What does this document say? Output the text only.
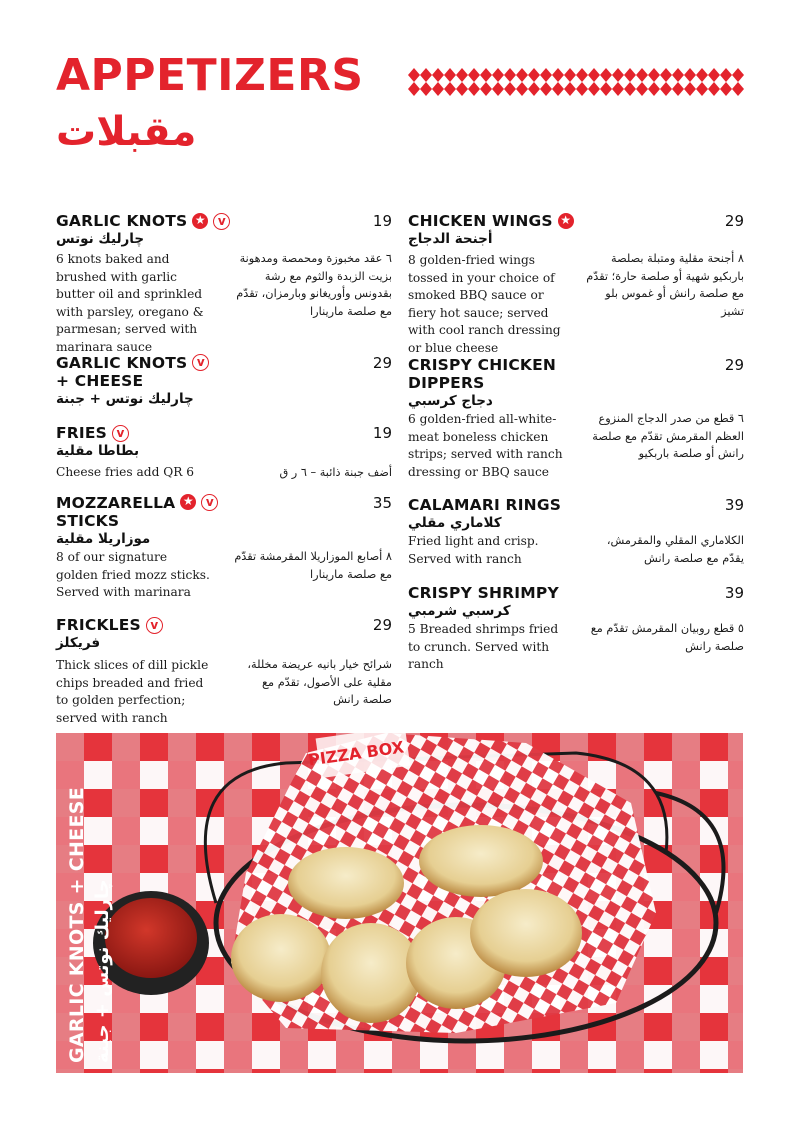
APPETIZERS
مقبلات
GARLIC KNOTS
★
v
چارليك نوتس
19
6 knots baked and brushed with garlic butter oil and sprinkled with parsley, oregano & parmesan; served with marinara sauce
٦ عقد مخبوزة ومحمصة ومدهونة بزيت الزبدة والثوم مع رشة بقدونس وأوريغانو وبارمزان، تقدّم مع صلصة مارينارا
GARLIC KNOTS
+ CHEESE
v
چارليك نوتس + جبنة
29
FRIES
v
بطاطا مقلية
19
Cheese fries add QR 6	أضف جبنة ذائبة – ٦ ر ق
MOZZARELLA
STICKS
★
v
موزاريلا مقلية
35
8 of our signature golden fried mozz sticks. Served with marinara
٨ أصابع الموزاريلا المقرمشة تقدّم مع صلصة مارينارا
FRICKLES
v
فريكلز
29
Thick slices of dill pickle chips breaded and fried to golden perfection; served with ranch
شرائح خيار بانيه عريضة مخللة، مقلية على الأصول، تقدّم مع صلصة رانش
CHICKEN WINGS
★
أجنحة الدجاج
29
8 golden-fried wings tossed in your choice of smoked BBQ sauce or fiery hot sauce; served with cool ranch dressing or blue cheese
٨ أجنحة مقلية ومتبلة بصلصة باربكيو شهية أو صلصة حارة؛ تقدّم مع صلصة رانش أو غموس بلو تشيز
CRISPY CHICKEN
DIPPERS
دجاج كرسبي
29
6 golden-fried all-white-meat boneless chicken strips; served with ranch dressing or BBQ sauce
٦ قطع من صدر الدجاج المنزوع العظم المقرمش تقدّم مع صلصة رانش أو صلصة باربكيو
CALAMARI RINGS
كلاماري مقلي
39
Fried light and crisp. Served with ranch
الكلاماري المقلي والمقرمش، يقدّم مع صلصة رانش
CRISPY SHRIMPY
كرسبي شرمبي
39
5 Breaded shrimps fried to crunch. Served with ranch
٥ قطع روبيان المقرمش تقدّم مع صلصة رانش
PIZZA BOX
GARLIC KNOTS + CHEESE چارليك نوتس + جبنة
